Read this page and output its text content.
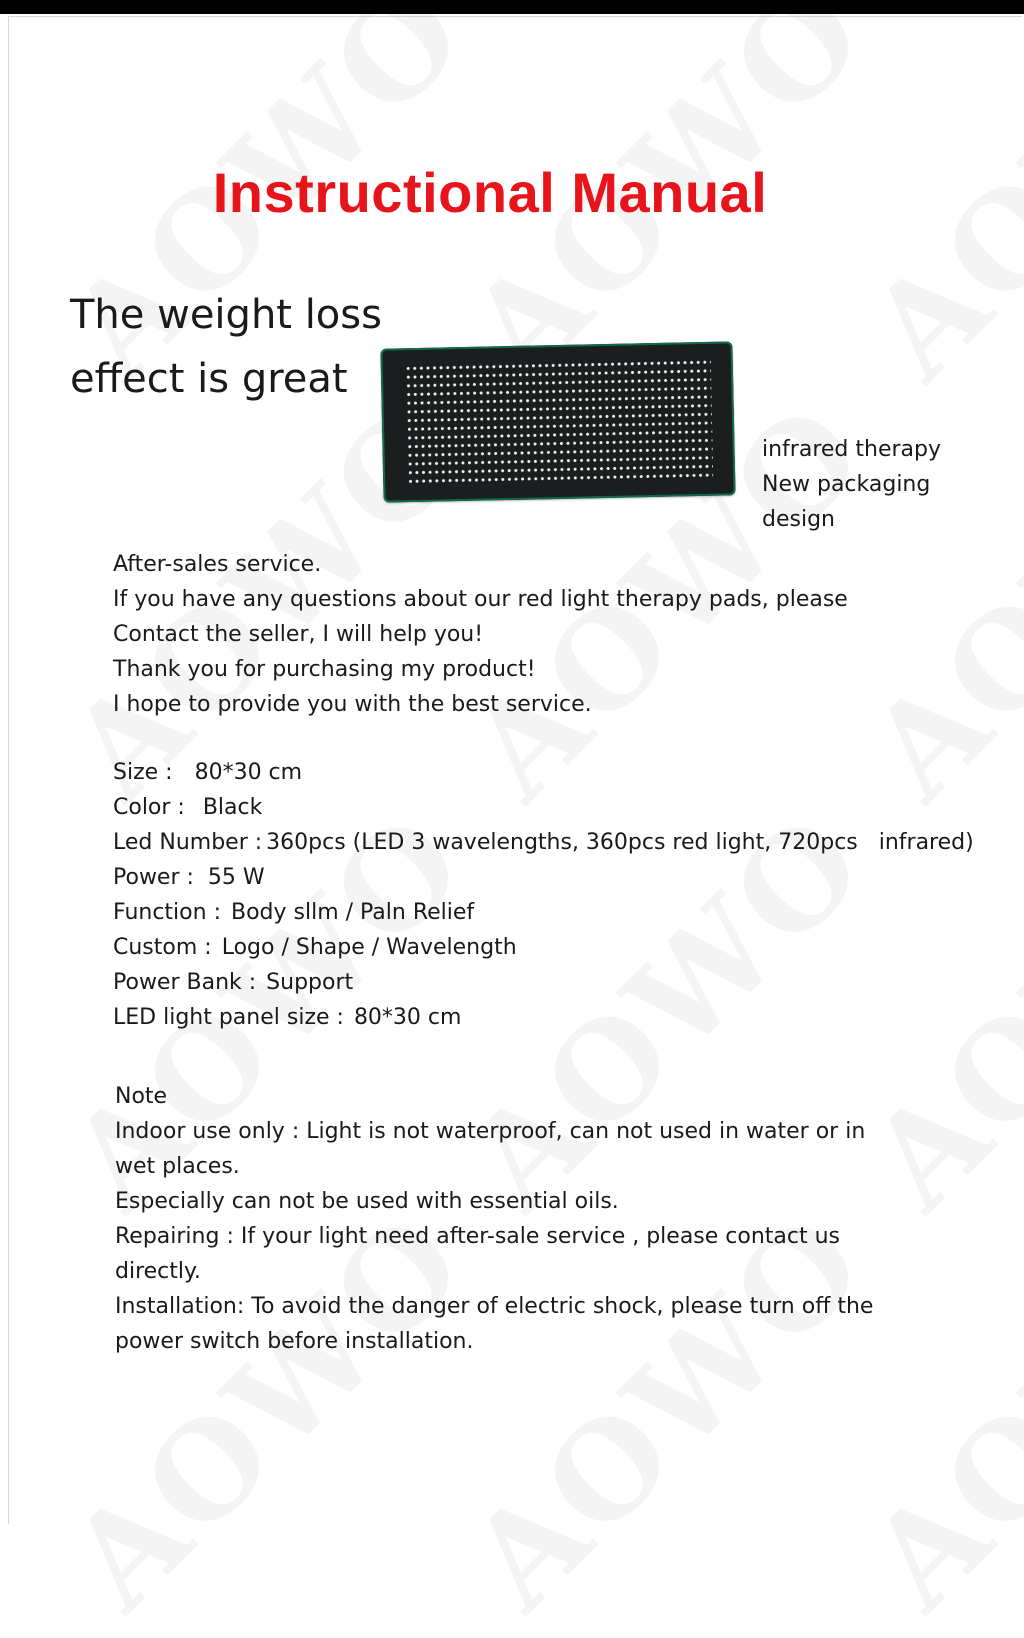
Instructional Manual
The weight loss
effect is great
infrared therapy
New packaging
design
After-sales service.
If you have any questions about our red light therapy pads, please
Contact the seller, I will help you!
Thank you for purchasing my product!
I hope to provide you with the best service.
Size : 80*30 cm
Color : Black
Led Number : 360pcs (LED 3 wavelengths, 360pcs red light, 720pcs   infrared)
Power : 55 W
Function : Body sllm / Paln Relief
Custom : Logo / Shape / Wavelength
Power Bank : Support
LED light panel size : 80*30 cm
Note
Indoor use only : Light is not waterproof, can not used in water or in
wet places.
Especially can not be used with essential oils.
Repairing : If your light need after-sale service , please contact us
directly.
Installation: To avoid the danger of electric shock, please turn off the
power switch before installation.
